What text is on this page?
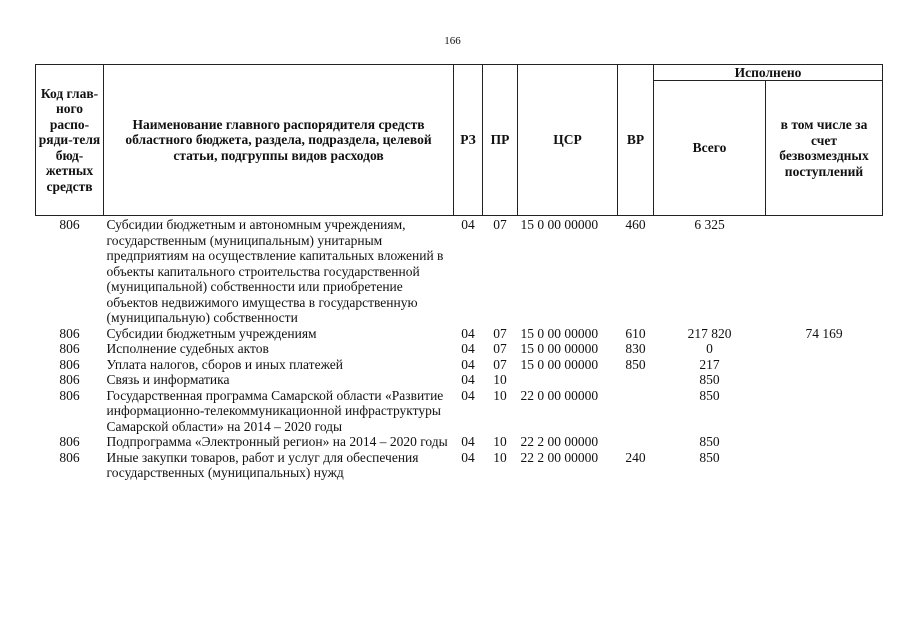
166
Код глав-ного распо-ряди-теля бюд-жетных средств	Наименование главного распорядителя средств областного бюджета, раздела, подраздела, целевой статьи, подгруппы видов расходов	РЗ	ПР	ЦСР	ВР	Исполнено	
						Всего	в том числе за счет безвозмездных поступлений
806	Субсидии бюджетным и автономным учреждениям, государственным (муниципальным) унитарным предприятиям на осуществление капитальных вложений в объекты капитального строительства государственной (муниципальной) собственности или приобретение объектов недвижимого имущества в государственную (муниципальную) собственности	04	07	15 0 00 00000	460	6 325	
806	Субсидии бюджетным учреждениям	04	07	15 0 00 00000	610	217 820	74 169
806	Исполнение судебных актов	04	07	15 0 00 00000	830	0	
806	Уплата налогов, сборов и иных платежей	04	07	15 0 00 00000	850	217	
806	Связь и информатика	04	10			850	
806	Государственная программа Самарской области «Развитие информационно-телекоммуникационной инфраструктуры Самарской области» на 2014 – 2020 годы	04	10	22 0 00 00000		850	
806	Подпрограмма «Электронный регион» на 2014 – 2020 годы	04	10	22 2 00 00000		850	
806	Иные закупки товаров, работ и услуг для обеспечения государственных (муниципальных) нужд	04	10	22 2 00 00000	240	850	
